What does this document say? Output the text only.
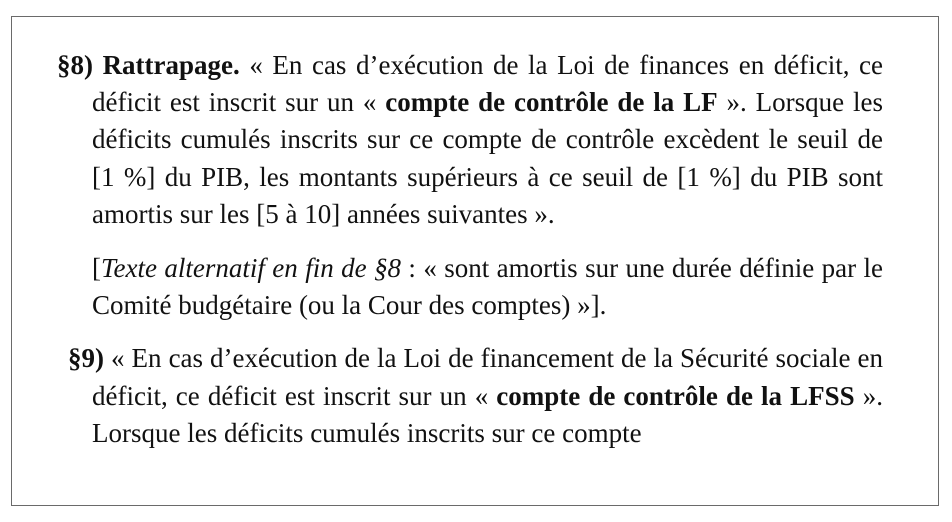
§8) Rattrapage. « En cas d’exécution de la Loi de finances en déficit, ce déficit est inscrit sur un « compte de contrôle de la LF ». Lorsque les déficits cumulés inscrits sur ce compte de contrôle excèdent le seuil de [1 %] du PIB, les montants supérieurs à ce seuil de [1 %] du PIB sont amortis sur les [5 à 10] années suivantes ».

[Texte alternatif en fin de §8 : « sont amortis sur une durée définie par le Comité budgétaire (ou la Cour des comptes) »].

§9) « En cas d’exécution de la Loi de financement de la Sécurité sociale en déficit, ce déficit est inscrit sur un « compte de contrôle de la LFSS ». Lorsque les déficits cumulés inscrits sur ce compte
